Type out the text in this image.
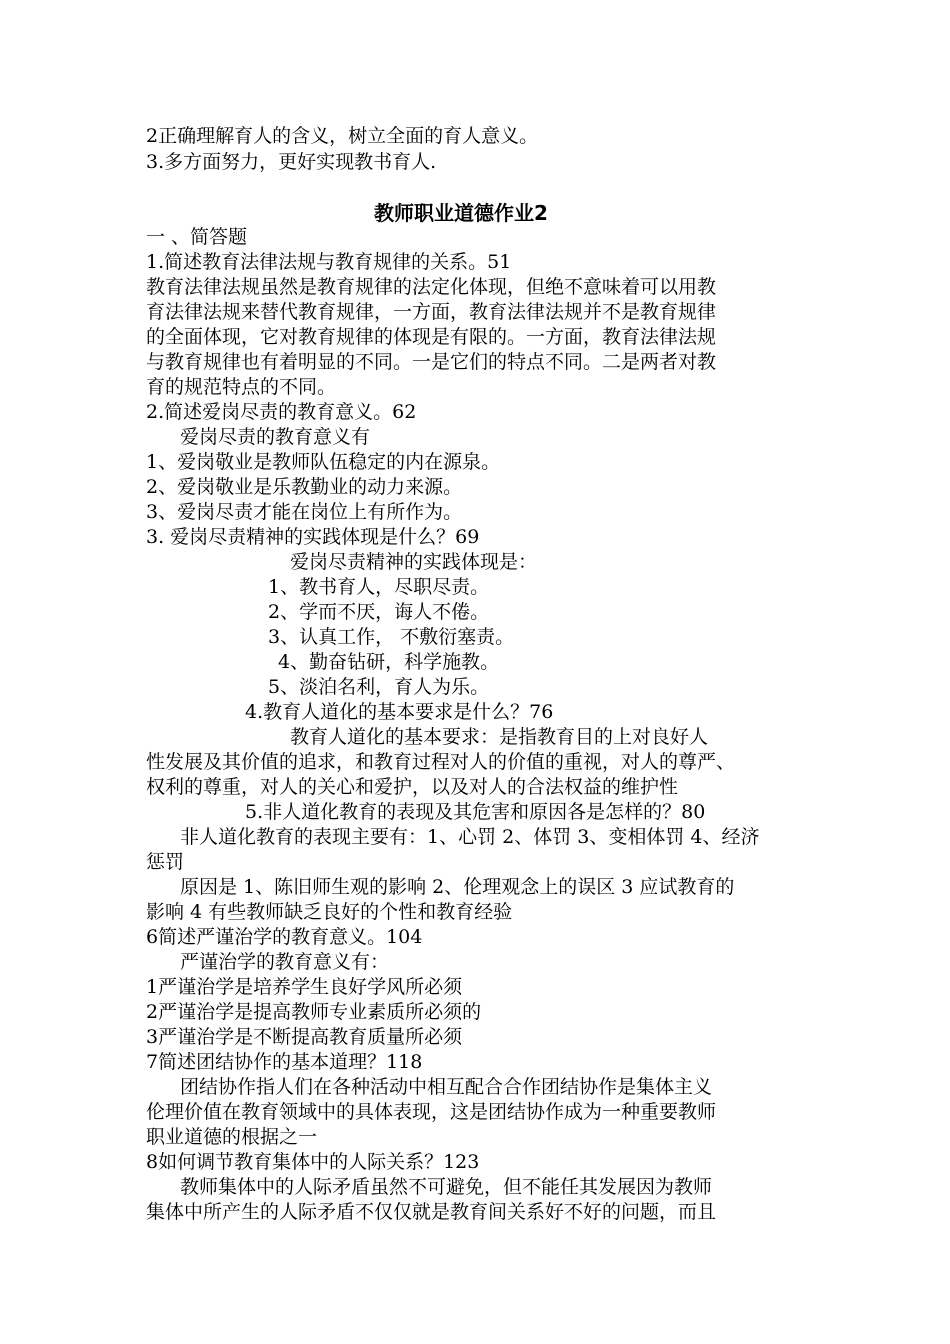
2正确理解育人的含义，树立全面的育人意义。
3.多方面努力，更好实现教书育人.
教师职业道德作业2
一 、简答题
1.简述教育法律法规与教育规律的关系。51
教育法律法规虽然是教育规律的法定化体现，但绝不意味着可以用教
育法律法规来替代教育规律，一方面，教育法律法规并不是教育规律
的全面体现，它对教育规律的体现是有限的。一方面，教育法律法规
与教育规律也有着明显的不同。一是它们的特点不同。二是两者对教
育的规范特点的不同。
2.简述爱岗尽责的教育意义。62
爱岗尽责的教育意义有
1、爱岗敬业是教师队伍稳定的内在源泉。
2、爱岗敬业是乐教勤业的动力来源。
3、爱岗尽责才能在岗位上有所作为。
3. 爱岗尽责精神的实践体现是什么？69
爱岗尽责精神的实践体现是：
1、教书育人，尽职尽责。
2、学而不厌，诲人不倦。
3、认真工作， 不敷衍塞责。
4、勤奋钻研，科学施教。
5、淡泊名利，育人为乐。
4.教育人道化的基本要求是什么？76
教育人道化的基本要求：是指教育目的上对良好人
性发展及其价值的追求，和教育过程对人的价值的重视，对人的尊严、
权利的尊重，对人的关心和爱护，以及对人的合法权益的维护性
5.非人道化教育的表现及其危害和原因各是怎样的？80
非人道化教育的表现主要有：1、心罚 2、体罚 3、变相体罚 4、经济
惩罚
原因是 1、陈旧师生观的影响 2、伦理观念上的误区 3 应试教育的
影响 4 有些教师缺乏良好的个性和教育经验
6简述严谨治学的教育意义。104
严谨治学的教育意义有：
1严谨治学是培养学生良好学风所必须
2严谨治学是提高教师专业素质所必须的
3严谨治学是不断提高教育质量所必须
7简述团结协作的基本道理？118
团结协作指人们在各种活动中相互配合合作团结协作是集体主义
伦理价值在教育领域中的具体表现，这是团结协作成为一种重要教师
职业道德的根据之一
8如何调节教育集体中的人际关系？123
教师集体中的人际矛盾虽然不可避免，但不能任其发展因为教师
集体中所产生的人际矛盾不仅仅就是教育间关系好不好的问题，而且
